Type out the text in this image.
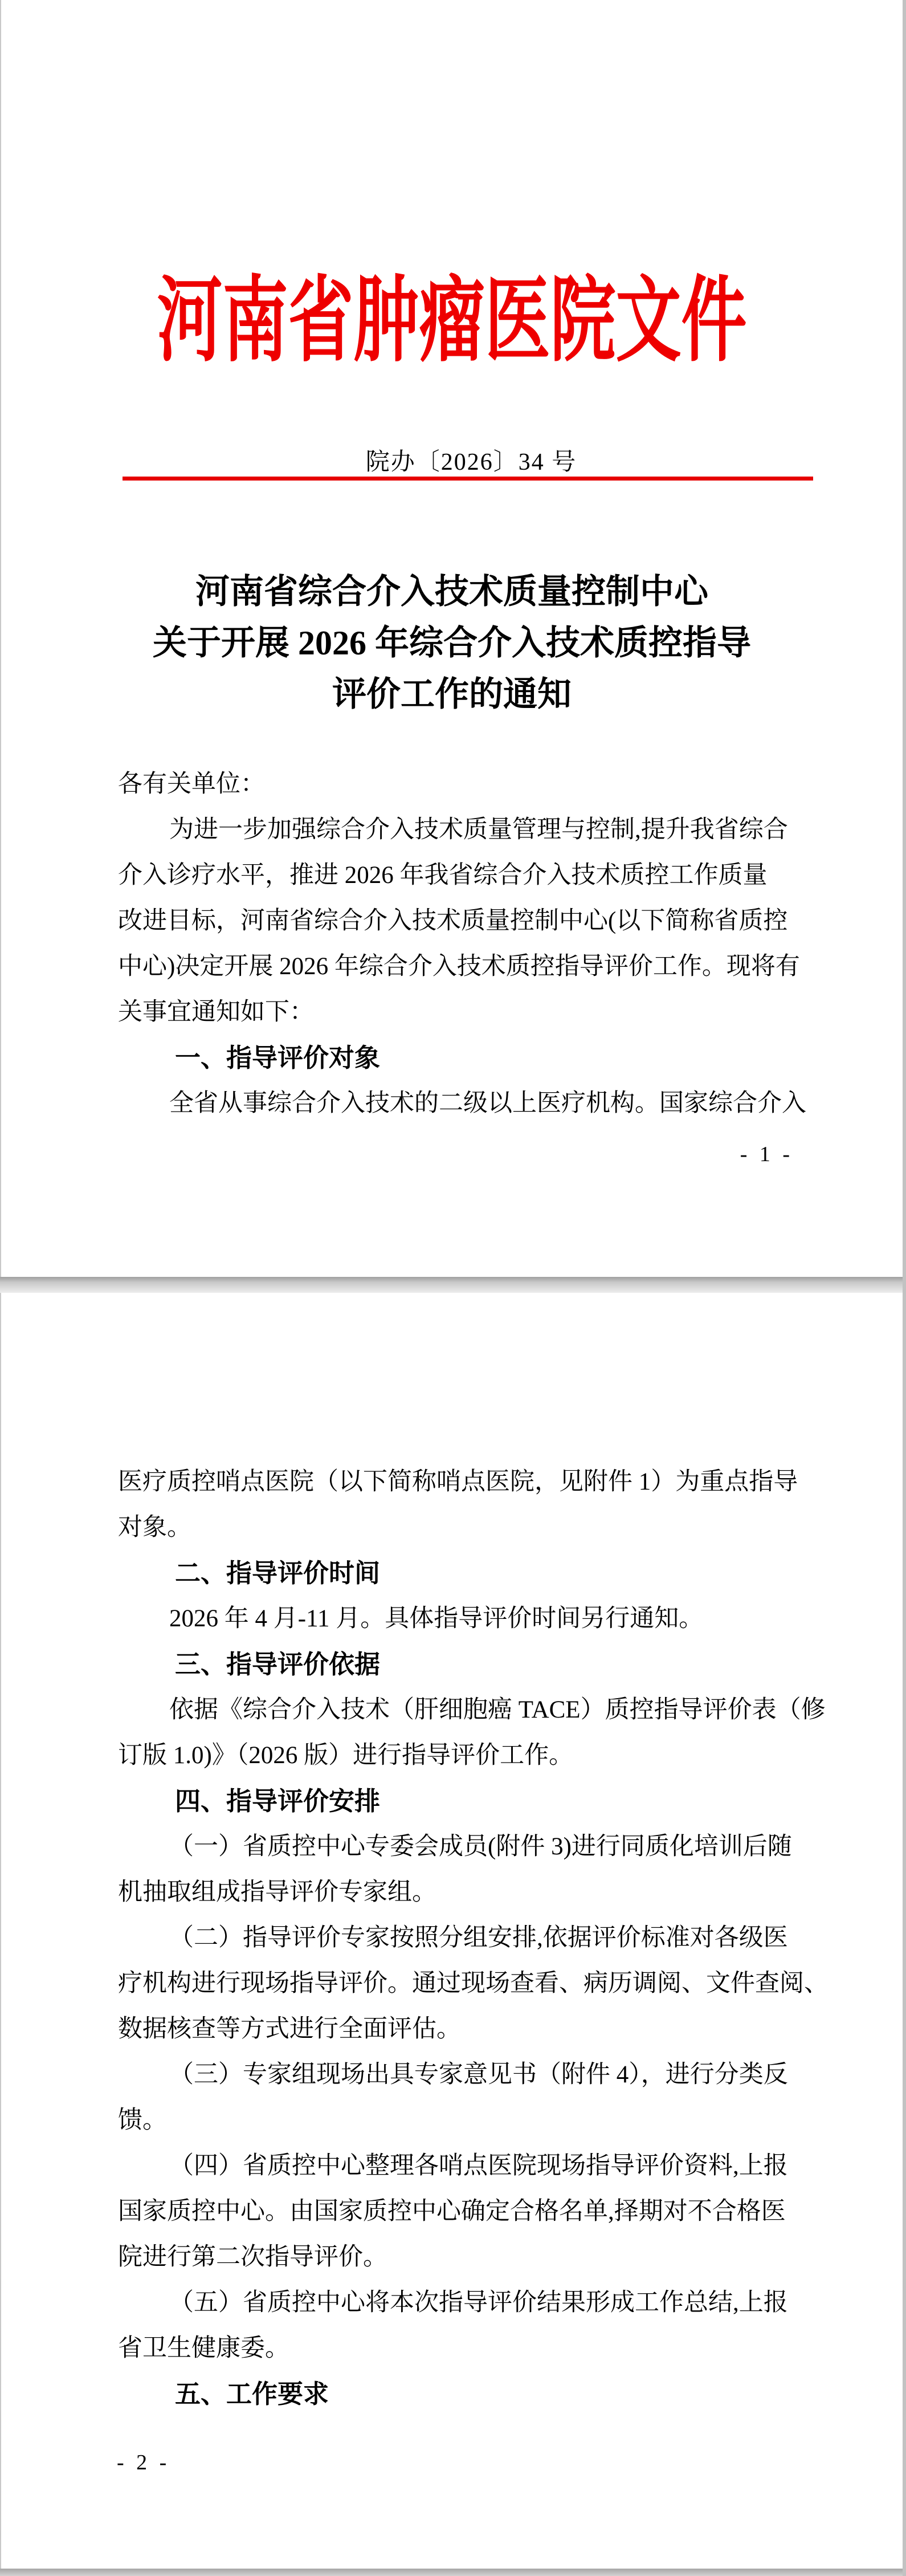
河南省肿瘤医院文件
院办〔2026〕34 号
河南省综合介入技术质量控制中心
关于开展 2026 年综合介入技术质控指导
评价工作的通知
各有关单位：
为进一步加强综合介入技术质量管理与控制,提升我省综合
介入诊疗水平，推进 2026 年我省综合介入技术质控工作质量
改进目标，河南省综合介入技术质量控制中心(以下简称省质控
中心)决定开展 2026 年综合介入技术质控指导评价工作。现将有
关事宜通知如下：
一、指导评价对象
全省从事综合介入技术的二级以上医疗机构。国家综合介入
- 1 -
医疗质控哨点医院（以下简称哨点医院，见附件 1）为重点指导
对象。
二、指导评价时间
2026 年 4 月-11 月。具体指导评价时间另行通知。
三、指导评价依据
依据《综合介入技术（肝细胞癌 TACE）质控指导评价表（修
订版 1.0)》（2026 版）进行指导评价工作。
四、指导评价安排
（一）省质控中心专委会成员(附件 3)进行同质化培训后随
机抽取组成指导评价专家组。
（二）指导评价专家按照分组安排,依据评价标准对各级医
疗机构进行现场指导评价。通过现场查看、病历调阅、文件查阅、
数据核查等方式进行全面评估。
（三）专家组现场出具专家意见书（附件 4），进行分类反
馈。
（四）省质控中心整理各哨点医院现场指导评价资料,上报
国家质控中心。由国家质控中心确定合格名单,择期对不合格医
院进行第二次指导评价。
（五）省质控中心将本次指导评价结果形成工作总结,上报
省卫生健康委。
五、工作要求
- 2 -
